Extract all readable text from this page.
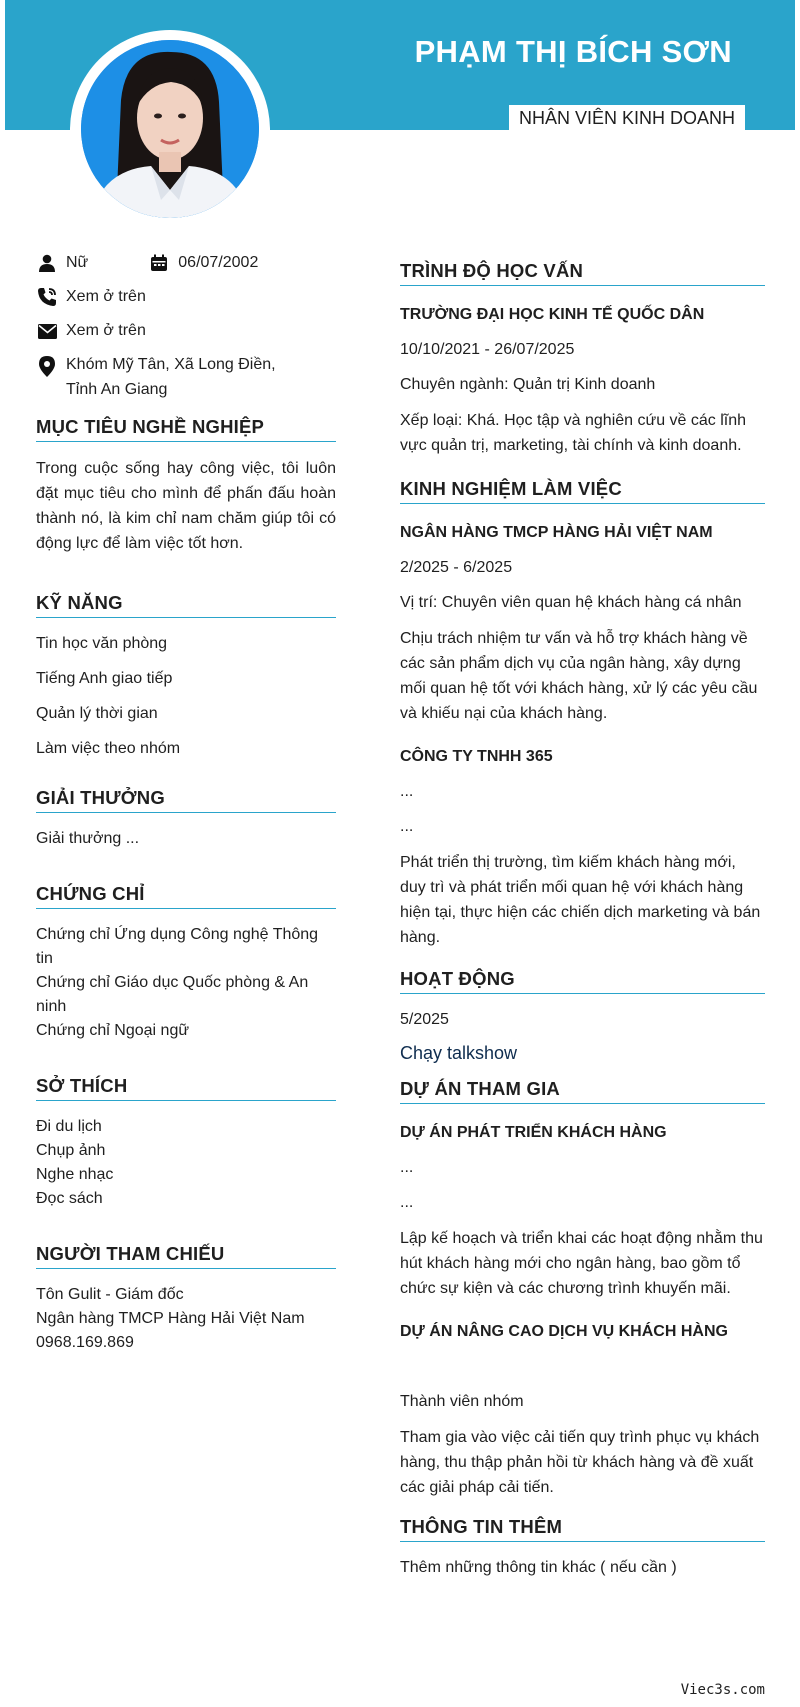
PHẠM THỊ BÍCH SƠN
NHÂN VIÊN KINH DOANH
Nữ	06/07/2002
Xem ở trên
Xem ở trên
Khóm Mỹ Tân, Xã Long Điền, Tỉnh An Giang
MỤC TIÊU NGHỀ NGHIỆP
Trong cuộc sống hay công việc, tôi luôn đặt mục tiêu cho mình để phấn đấu hoàn thành nó, là kim chỉ nam chăm giúp tôi có động lực để làm việc tốt hơn.
KỸ NĂNG
Tin học văn phòng
Tiếng Anh giao tiếp
Quản lý thời gian
Làm việc theo nhóm
GIẢI THƯỞNG
Giải thưởng ...
CHỨNG CHỈ
Chứng chỉ Ứng dụng Công nghệ Thông tin
Chứng chỉ Giáo dục Quốc phòng & An ninh
Chứng chỉ Ngoại ngữ
SỞ THÍCH
Đi du lịch
Chụp ảnh
Nghe nhạc
Đọc sách
NGƯỜI THAM CHIẾU
Tôn Gulit - Giám đốc
Ngân hàng TMCP Hàng Hải Việt Nam
0968.169.869
TRÌNH ĐỘ HỌC VẤN
TRƯỜNG ĐẠI HỌC KINH TẾ QUỐC DÂN
10/10/2021 - 26/07/2025
Chuyên ngành: Quản trị Kinh doanh
Xếp loại: Khá. Học tập và nghiên cứu về các lĩnh vực quản trị, marketing, tài chính và kinh doanh.
KINH NGHIỆM LÀM VIỆC
NGÂN HÀNG TMCP HÀNG HẢI VIỆT NAM
2/2025 - 6/2025
Vị trí: Chuyên viên quan hệ khách hàng cá nhân
Chịu trách nhiệm tư vấn và hỗ trợ khách hàng về các sản phẩm dịch vụ của ngân hàng, xây dựng mối quan hệ tốt với khách hàng, xử lý các yêu cầu và khiếu nại của khách hàng.
CÔNG TY TNHH 365
...
...
Phát triển thị trường, tìm kiếm khách hàng mới, duy trì và phát triển mối quan hệ với khách hàng hiện tại, thực hiện các chiến dịch marketing và bán hàng.
HOẠT ĐỘNG
5/2025
Chạy talkshow
DỰ ÁN THAM GIA
DỰ ÁN PHÁT TRIỂN KHÁCH HÀNG
...
...
Lập kế hoạch và triển khai các hoạt động nhằm thu hút khách hàng mới cho ngân hàng, bao gồm tổ chức sự kiện và các chương trình khuyến mãi.
DỰ ÁN NÂNG CAO DỊCH VỤ KHÁCH HÀNG
Thành viên nhóm
Tham gia vào việc cải tiến quy trình phục vụ khách hàng, thu thập phản hồi từ khách hàng và đề xuất các giải pháp cải tiến.
THÔNG TIN THÊM
Thêm những thông tin khác ( nếu cần )
Viec3s.com
